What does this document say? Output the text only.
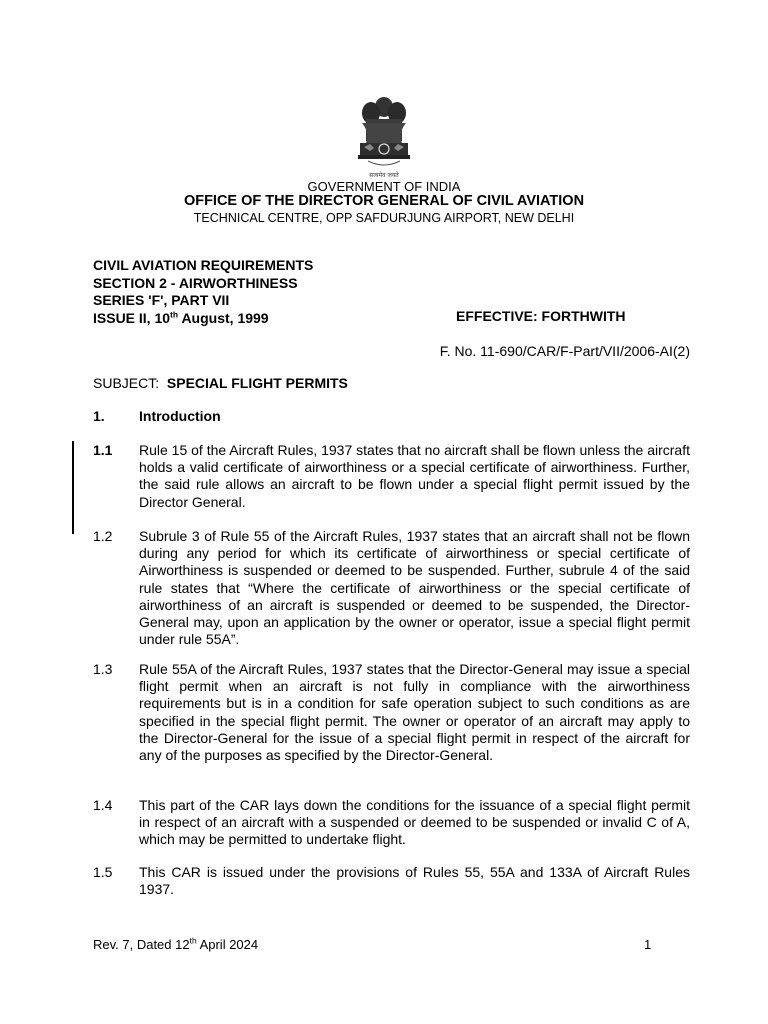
सत्यमेव जयते
GOVERNMENT OF INDIA
OFFICE OF THE DIRECTOR GENERAL OF CIVIL AVIATION
TECHNICAL CENTRE, OPP SAFDURJUNG AIRPORT, NEW DELHI
CIVIL AVIATION REQUIREMENTS
SECTION 2 - AIRWORTHINESS
SERIES 'F', PART VII
ISSUE II, 10th August, 1999	EFFECTIVE: FORTHWITH
F. No. 11-690/CAR/F-Part/VII/2006-AI(2)
SUBJECT: SPECIAL FLIGHT PERMITS
1. Introduction
1.1 Rule 15 of the Aircraft Rules, 1937 states that no aircraft shall be flown unless the aircraft holds a valid certificate of airworthiness or a special certificate of airworthiness. Further, the said rule allows an aircraft to be flown under a special flight permit issued by the Director General.
1.2 Subrule 3 of Rule 55 of the Aircraft Rules, 1937 states that an aircraft shall not be flown during any period for which its certificate of airworthiness or special certificate of Airworthiness is suspended or deemed to be suspended. Further, subrule 4 of the said rule states that “Where the certificate of airworthiness or the special certificate of airworthiness of an aircraft is suspended or deemed to be suspended, the Director-General may, upon an application by the owner or operator, issue a special flight permit under rule 55A”.
1.3 Rule 55A of the Aircraft Rules, 1937 states that the Director-General may issue a special flight permit when an aircraft is not fully in compliance with the airworthiness requirements but is in a condition for safe operation subject to such conditions as are specified in the special flight permit. The owner or operator of an aircraft may apply to the Director-General for the issue of a special flight permit in respect of the aircraft for any of the purposes as specified by the Director-General.
1.4 This part of the CAR lays down the conditions for the issuance of a special flight permit in respect of an aircraft with a suspended or deemed to be suspended or invalid C of A, which may be permitted to undertake flight.
1.5 This CAR is issued under the provisions of Rules 55, 55A and 133A of Aircraft Rules 1937.
Rev. 7, Dated 12th April 2024	1
